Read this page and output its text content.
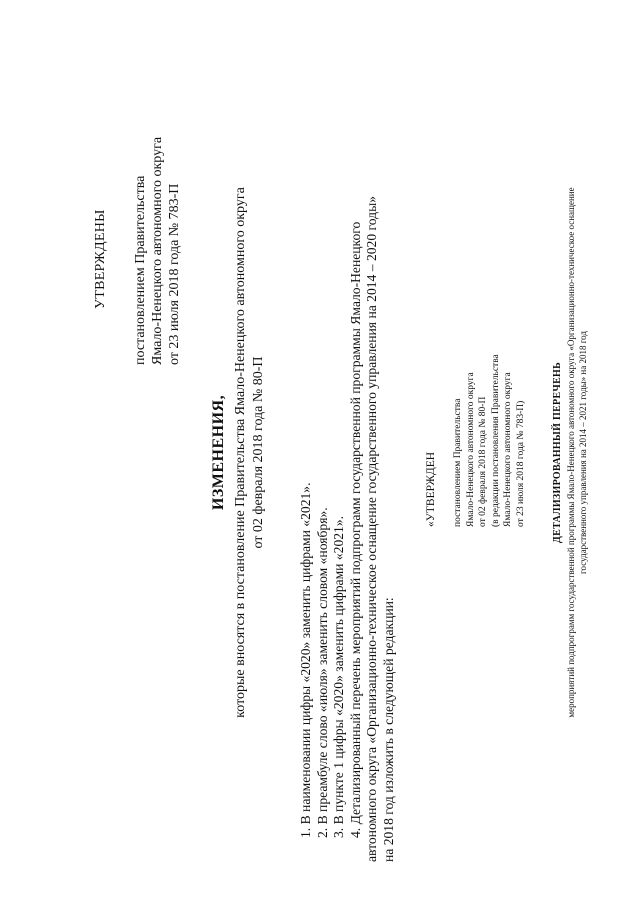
УТВЕРЖДЕНЫ постановлением Правительства Ямало-Ненецкого автономного округа от 23 июля 2018 года № 783-П
ИЗМЕНЕНИЯ, которые вносятся в постановление Правительства Ямало-Ненецкого автономного округа от 02 февраля 2018 года № 80-П
1. В наименовании цифры «2020» заменить цифрами «2021». 2. В преамбуле слово «июля» заменить словом «ноября». 3. В пункте 1 цифры «2020» заменить цифрами «2021». 4. Детализированный перечень мероприятий подпрограмм государственной программы Ямало-Ненецкого автономного округа «Организационно-техническое оснащение государственного управления на 2014 – 2020 годы» на 2018 год изложить в следующей редакции:
«УТВЕРЖДЕН постановлением Правительства Ямало-Ненецкого автономного округа от 02 февраля 2018 года № 80-П (в редакции постановления Правительства Ямало-Ненецкого автономного округа от 23 июля 2018 года № 783-П)	ДЕТАЛИЗИРОВАННЫЙ ПЕРЕЧЕНЬ мероприятий подпрограмм государственной программы Ямало-Ненецкого автономного округа «Организационно-техническое оснащение государственного управления на 2014 – 2021 годы» на 2018 год
